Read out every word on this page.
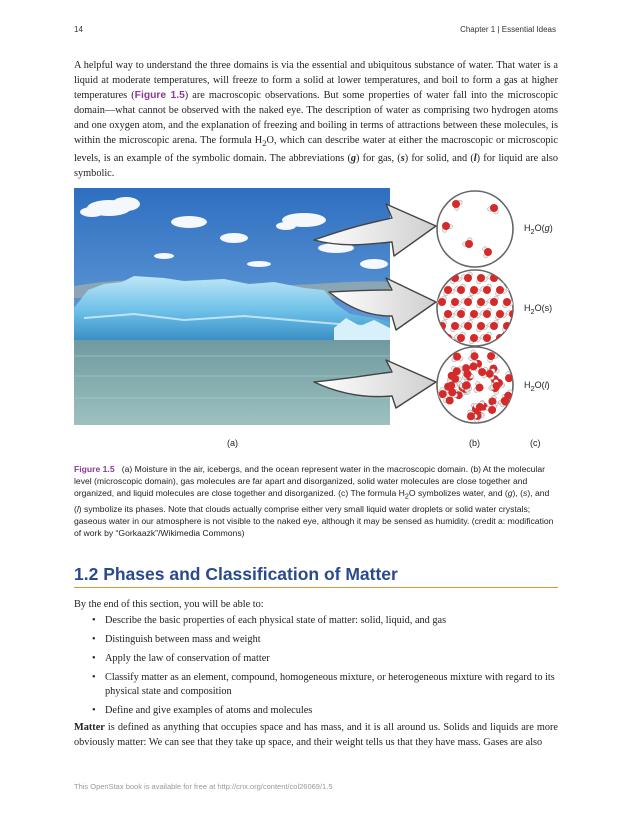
14	Chapter 1 | Essential Ideas

A helpful way to understand the three domains is via the essential and ubiquitous substance of water. That water is a liquid at moderate temperatures, will freeze to form a solid at lower temperatures, and boil to form a gas at higher temperatures (Figure 1.5) are macroscopic observations. But some properties of water fall into the microscopic domain—what cannot be observed with the naked eye. The description of water as comprising two hydrogen atoms and one oxygen atom, and the explanation of freezing and boiling in terms of attractions between these molecules, is within the microscopic arena. The formula $H_2O$, which can describe water at either the macroscopic or microscopic levels, is an example of the symbolic domain. The abbreviations (g) for gas, (s) for solid, and (l) for liquid are also symbolic.

$H_2O(g)$
$H_2O(s)$
$H_2O(l)$
(a)	(b)	(c)

Figure 1.5 (a) Moisture in the air, icebergs, and the ocean represent water in the macroscopic domain. (b) At the molecular level (microscopic domain), gas molecules are far apart and disorganized, solid water molecules are close together and organized, and liquid molecules are close together and disorganized. (c) The formula $H_2O$ symbolizes water, and (g), (s), and (l) symbolize its phases. Note that clouds actually comprise either very small liquid water droplets or solid water crystals; gaseous water in our atmosphere is not visible to the naked eye, although it may be sensed as humidity. (credit a: modification of work by “Gorkaazk”/Wikimedia Commons)

1.2 Phases and Classification of Matter

By the end of this section, you will be able to:

• Describe the basic properties of each physical state of matter: solid, liquid, and gas
• Distinguish between mass and weight
• Apply the law of conservation of matter
• Classify matter as an element, compound, homogeneous mixture, or heterogeneous mixture with regard to its physical state and composition
• Define and give examples of atoms and molecules

Matter is defined as anything that occupies space and has mass, and it is all around us. Solids and liquids are more obviously matter: We can see that they take up space, and their weight tells us that they have mass. Gases are also

This OpenStax book is available for free at http://cnx.org/content/col26069/1.5
